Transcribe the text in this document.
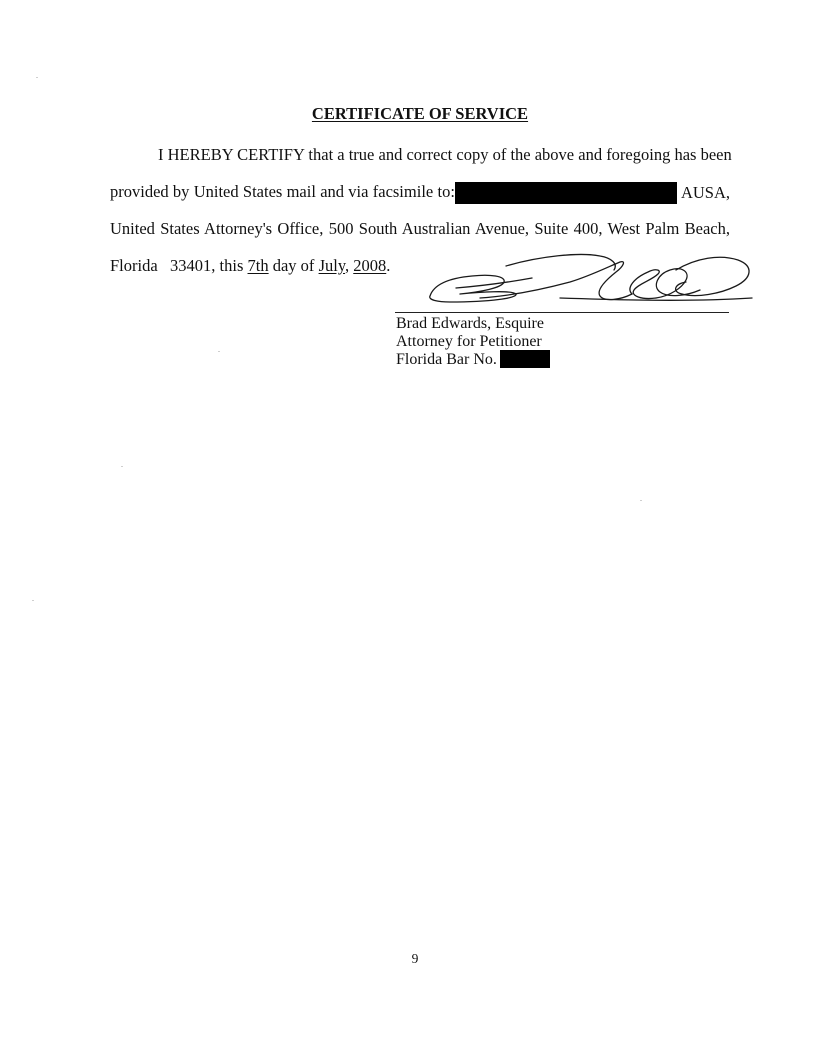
CERTIFICATE OF SERVICE
I HEREBY CERTIFY that a true and correct copy of the above and foregoing has been
provided by United States mail and via facsimile to:	AUSA,
United States Attorney's Office, 500 South Australian Avenue, Suite 400, West Palm Beach,
Florida   33401, this 7th day of July, 2008.
Brad Edwards, Esquire
Attorney for Petitioner
Florida Bar No.
9
